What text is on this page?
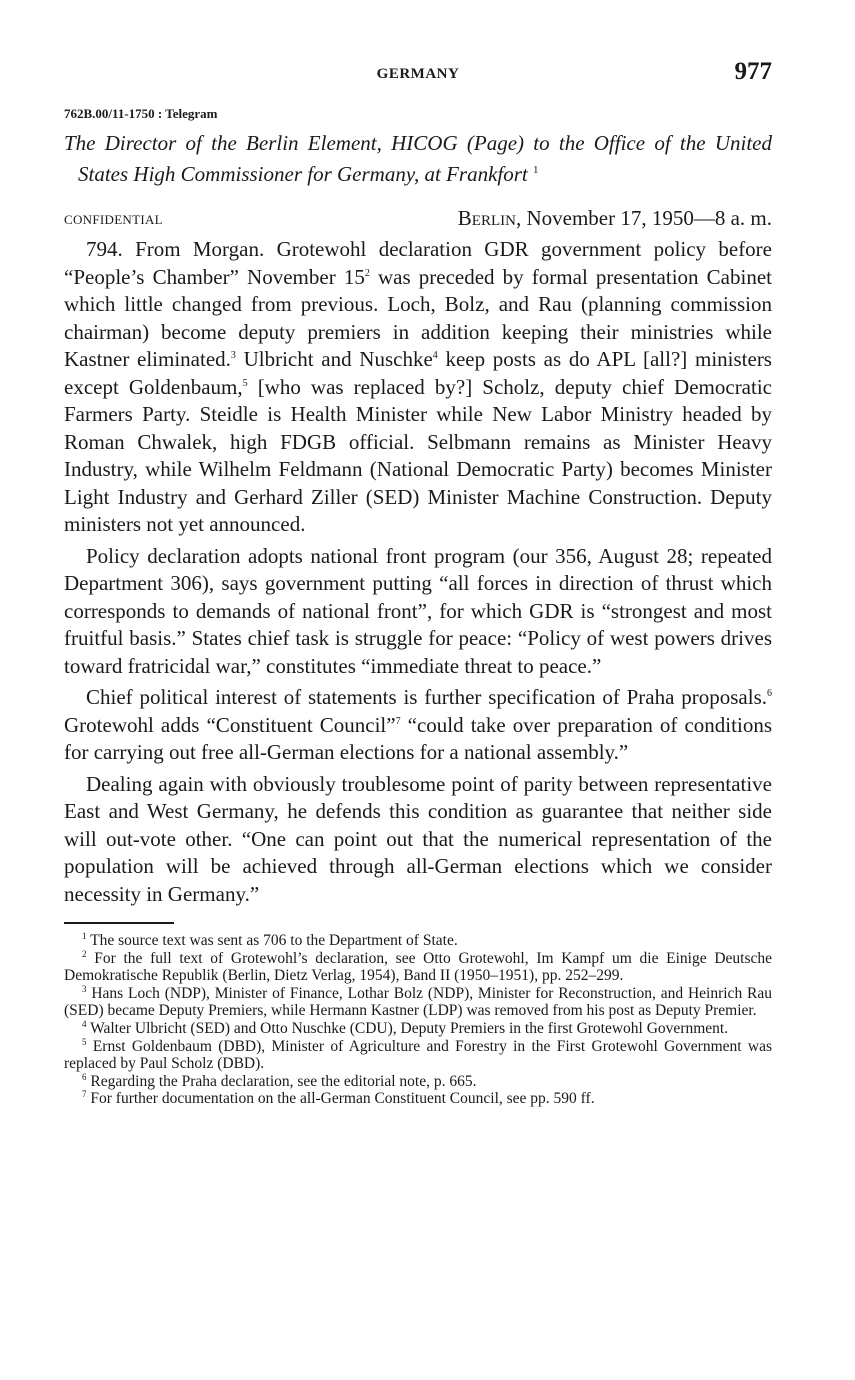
GERMANY	977
762B.00/11-1750 : Telegram
The Director of the Berlin Element, HICOG (Page) to the Office of the United States High Commissioner for Germany, at Frankfort $^1$
CONFIDENTIAL	Berlin, November 17, 1950—8 a. m.

794. From Morgan. Grotewohl declaration GDR government policy before “People’s Chamber” November $15^2$ was preceded by formal presentation Cabinet which little changed from previous. Loch, Bolz, and Rau (planning commission chairman) become deputy premiers in addition keeping their ministries while Kastner eliminated.$^3$ Ulbricht and Nuschke$^4$ keep posts as do APL [all?] ministers except Goldenbaum,$^5$ [who was replaced by?] Scholz, deputy chief Democratic Farmers Party. Steidle is Health Minister while New Labor Ministry headed by Roman Chwalek, high FDGB official. Selbmann remains as Minister Heavy Industry, while Wilhelm Feldmann (National Democratic Party) becomes Minister Light Industry and Gerhard Ziller (SED) Minister Machine Construction. Deputy ministers not yet announced.

Policy declaration adopts national front program (our 356, August 28; repeated Department 306), says government putting “all forces in direction of thrust which corresponds to demands of national front”, for which GDR is “strongest and most fruitful basis.” States chief task is struggle for peace: “Policy of west powers drives toward fratricidal war,” constitutes “immediate threat to peace.”

Chief political interest of statements is further specification of Praha proposals.$^6$ Grotewohl adds “Constituent Council”$^7$ “could take over preparation of conditions for carrying out free all-German elections for a national assembly.”

Dealing again with obviously troublesome point of parity between representative East and West Germany, he defends this condition as guarantee that neither side will out-vote other. “One can point out that the numerical representation of the population will be achieved through all-German elections which we consider necessity in Germany.”

$^1$ The source text was sent as 706 to the Department of State.

$^2$ For the full text of Grotewohl’s declaration, see Otto Grotewohl, Im Kampf um die Einige Deutsche Demokratische Republik (Berlin, Dietz Verlag, 1954), Band II (1950–1951), pp. 252–299.

$^3$ Hans Loch (NDP), Minister of Finance, Lothar Bolz (NDP), Minister for Reconstruction, and Heinrich Rau (SED) became Deputy Premiers, while Hermann Kastner (LDP) was removed from his post as Deputy Premier.

$^4$ Walter Ulbricht (SED) and Otto Nuschke (CDU), Deputy Premiers in the first Grotewohl Government.

$^5$ Ernst Goldenbaum (DBD), Minister of Agriculture and Forestry in the First Grotewohl Government was replaced by Paul Scholz (DBD).

$^6$ Regarding the Praha declaration, see the editorial note, p. 665.

$^7$ For further documentation on the all-German Constituent Council, see pp. 590 ff.
